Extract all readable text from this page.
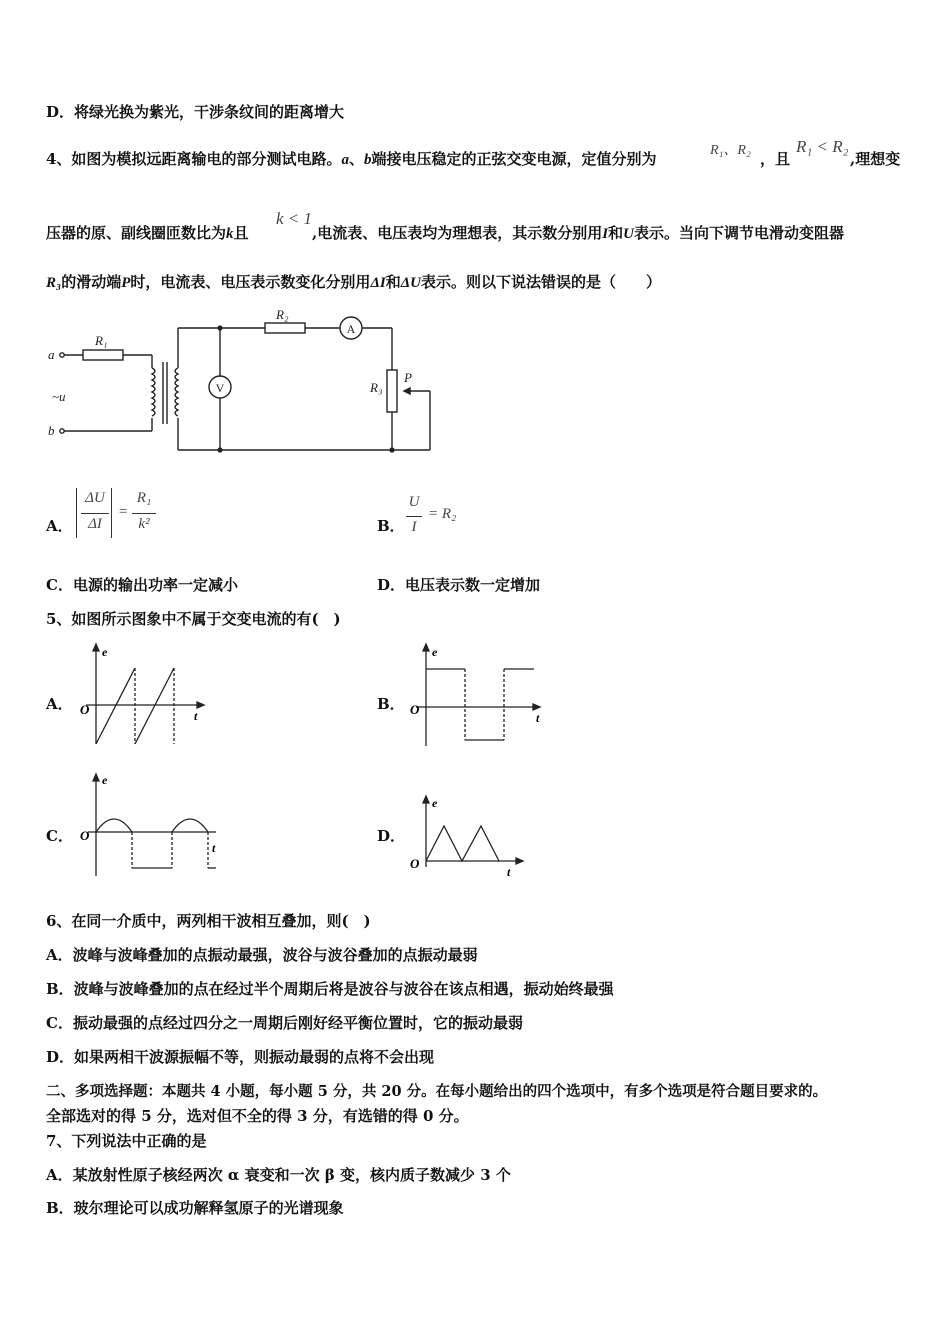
D．将绿光换为紫光，干涉条纹间的距离增大
4、如图为模拟远距离输电的部分测试电路。a、b端接电压稳定的正弦交变电源，定值分别为	R₁、R₂ ，且
R₁ < R₂
,理想变
压器的原、副线圈匝数比为k且
k < 1
,电流表、电压表均为理想表，其示数分别用I和U表示。当向下调节电滑动变阻器
R₃的滑动端P时，电流表、电压表示数变化分别用ΔI和ΔU表示。则以下说法错误的是（　　）
a
b
~u
R₁
R₂
R₃
P
V
A
A．
ΔU
ΔI
=
R₁
k²	B．
U
I
= R₂
C．电源的输出功率一定减小	D．电压表示数一定增加
5、如图所示图象中不属于交变电流的有(　)
A．
e
O	t
B．
e
O
t
C．
e
O
t
D．
e
O
t
6、在同一介质中，两列相干波相互叠加，则(　)
A．波峰与波峰叠加的点振动最强，波谷与波谷叠加的点振动最弱
B．波峰与波峰叠加的点在经过半个周期后将是波谷与波谷在该点相遇，振动始终最强
C．振动最强的点经过四分之一周期后刚好经平衡位置时，它的振动最弱
D．如果两相干波源振幅不等，则振动最弱的点将不会出现
二、多项选择题：本题共 4 小题，每小题 5 分，共 20 分。在每小题给出的四个选项中，有多个选项是符合题目要求的。
全部选对的得 5 分，选对但不全的得 3 分，有选错的得 0 分。
7、下列说法中正确的是
A．某放射性原子核经两次 α 衰变和一次 β 变，核内质子数减少 3 个
B．玻尔理论可以成功解释氢原子的光谱现象
